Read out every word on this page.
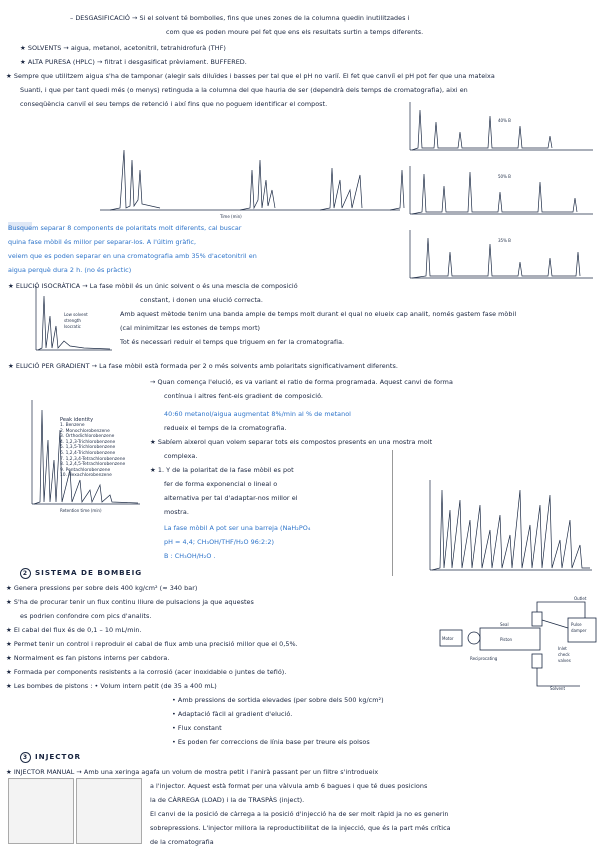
– DESGASIFICACIÓ → Si el solvent té bombolles, fins que unes zones de la columna quedin inutilitzades i
com que es poden moure pel fet que ens els resultats surtin a temps diferents.
★ SOLVENTS → aigua, metanol, acetonitril, tetrahidrofurà (THF)
★ ALTA PURESA (HPLC) → filtrat i desgasificat prèviament. BUFFERED.
★ Sempre que utilitzem aigua s'ha de tamponar (alegir sals diluïdes i basses per tal que el pH no variï. El fet que canviï el pH pot fer que una mateixa
Suanti, i que per tant quedi més (o menys) retinguda a la columna del que hauria de ser (dependrà dels temps de cromatografia), aixi en
conseqüència canviï el seu temps de retenció i així fins que no poguem identificar el compost.
Busquem separar 8 components de polaritats molt diferents, cal buscar
quina fase mòbil és millor per separar-los. A l'últim gràfic,
veiem que es poden separar en una cromatografia amb 35% d'acetonitril en
aigua perquè dura 2 h. (no és pràctic)
★ ELUCIÓ ISOCRÀTICA → La fase mòbil és un únic solvent o és una mescla de composició
constant, i donen una elució correcta.
Amb aquest mètode tenim una banda ample de temps molt durant el qual no elueix cap analit, només gastem fase mòbil
(cal minimitzar les estones de temps mort)
Tot és necessari reduir el temps que triguem en fer la cromatografia.
★ ELUCIÓ PER GRADIENT → La fase mòbil està formada per 2 o més solvents amb polaritats significativament diferents.
→ Quan comença l'elució, es va variant el ratio de forma programada. Aquest canvi de forma
contínua i altres fent-els gradient de composició.
40:60 metanol/aigua augmentat 8%/min al % de metanol
redueix el temps de la cromatografia.
★ Sabíem aixerol quan volem separar tots els compostos presents en una mostra molt
complexa.
★ 1. Y de la polaritat de la fase mòbil es pot
fer de forma exponencial o lineal o
alternativa per tal d'adaptar-nos millor el
mostra.
La fase mòbil A pot ser una barreja (NaH₂PO₄
pH = 4,4; CH₃OH/THF/H₂O 96:2:2)
B : CH₃OH/H₂O .
2 SISTEMA DE BOMBEIG
★ Genera pressions per sobre dels 400 kg/cm² (≈ 340 bar)
★ S'ha de procurar tenir un flux continu lliure de pulsacions ja que aquestes
es podrien confondre com pics d'analits.
★ El cabal del flux és de 0,1 – 10 mL/min.
★ Permet tenir un control i reproduir el cabal de flux amb una precisió millor que el 0,5%.
★ Normalment es fan pistons interns per cabdora.
★ Formada per components resistents a la corrosió (acer inoxidable o juntes de tefló).
★ Les bombes de pistons : • Volum intern petit (de 35 a 400 mL)
• Amb pressions de sortida elevades (per sobre dels 500 kg/cm²)
• Adaptació fàcil al gradient d'elució.
• Flux constant
• Es poden fer correccions de línia base per treure els polsos
3 INJECTOR
★ INJECTOR MANUAL → Amb una xeringa agafa un volum de mostra petit i l'anirà passant per un filtre s'introdueix
a l'injector. Aquest està format per una vàlvula amb 6 bagues i que té dues posicions
la de CÀRREGA (LOAD) i la de TRASPÀS (inject).
El canvi de la posició de càrrega a la posició d'injecció ha de ser molt ràpid ja no es generin
sobrepressions. L'injector millora la reproductibilitat de la injecció, que és la part més crítica
de la cromatografia
Time (min)
40% B
50% B
35% B
Low solvent
strength
Isocratic
Retention time (min)
Peak identity
1. Benzene
2. Monochlorobenzene
3. Orthodichlorobenzene
4. 1,2,3-Trichlorobenzene
5. 1,3,5-Trichlorobenzene
6. 1,2,4-Trichlorobenzene
7. 1,2,3,4-Tetrachlorobenzene
8. 1,2,4,5-Tetrachlorobenzene
9. Pentachlorobenzene
10. Hexachlorobenzene
Outlet
Pulse
damper
Motor
Seal
Piston
Reciprocating
Inlet
check
valves
Solvent
